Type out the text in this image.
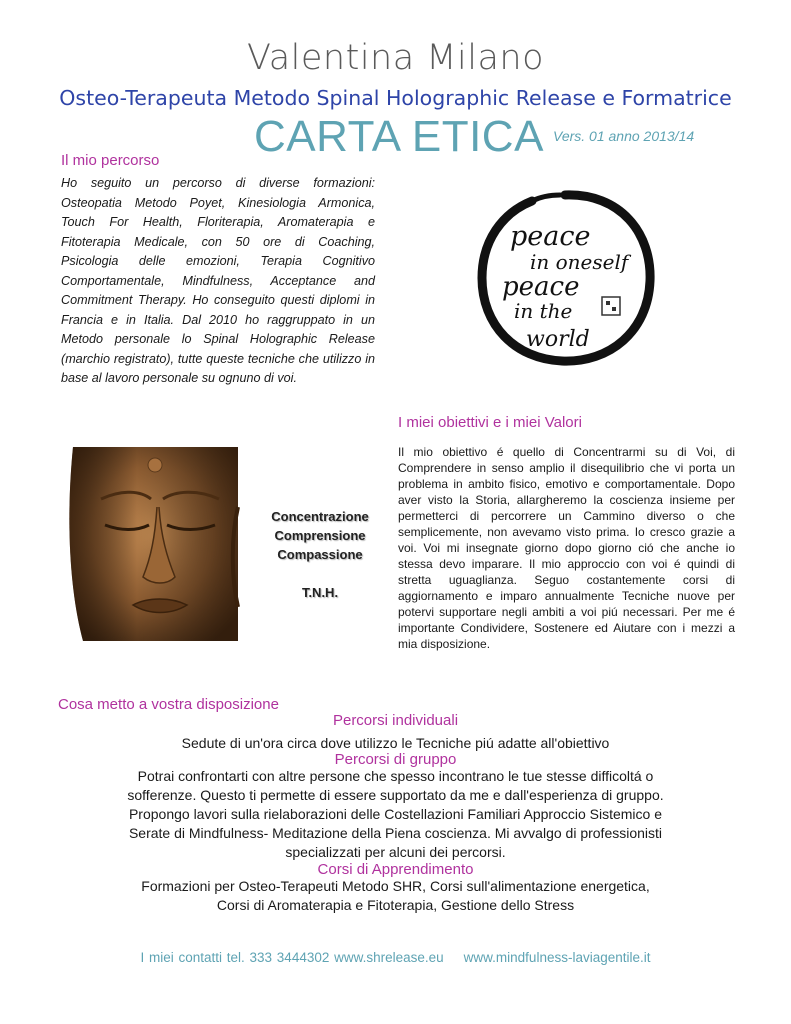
Valentina Milano
Osteo-Terapeuta Metodo Spinal Holographic Release e Formatrice
CARTA ETICA Vers. 01 anno 2013/14
Il mio percorso
Ho seguito un percorso di diverse formazioni: Osteopatia Metodo Poyet, Kinesiologia Armonica, Touch For Health, Floriterapia, Aromaterapia e Fitoterapia Medicale, con 50 ore di Coaching, Psicologia delle emozioni, Terapia Cognitivo Comportamentale, Mindfulness, Acceptance and Commitment Therapy. Ho conseguito questi diplomi in Francia e in Italia. Dal 2010 ho raggruppato in un Metodo personale lo Spinal Holographic Release (marchio registrato), tutte queste tecniche che utilizzo in base al lavoro personale su ognuno di voi.
peace
in oneself
peace
in the
world
I miei obiettivi e i miei Valori
Il mio obiettivo é quello di Concentrarmi su di Voi, di Comprendere in senso amplio il disequilibrio che vi porta un problema in ambito fisico, emotivo e comportamentale. Dopo aver visto la Storia, allargheremo la coscienza insieme per permetterci di percorrere un Cammino diverso o che semplicemente, non avevamo visto prima. Io cresco grazie a voi. Voi mi insegnate giorno dopo giorno ció che anche io stessa devo imparare. Il mio approccio con voi é quindi di stretta uguaglianza. Seguo costantemente corsi di aggiornamento e imparo annualmente Tecniche nuove per potervi supportare negli ambiti a voi piú necessari. Per me é importante Condividere, Sostenere ed Aiutare con i mezzi a mia disposizione.
Concentrazione
Comprensione
Compassione
T.N.H.
Cosa metto a vostra disposizione
Percorsi individuali
Sedute di un'ora circa dove utilizzo le Tecniche piú adatte all'obiettivo
Percorsi di gruppo
Potrai confrontarti con altre persone che spesso incontrano le tue stesse difficoltá o
sofferenze. Questo ti permette di essere supportato da me e dall'esperienza di gruppo.
Propongo lavori sulla rielaborazioni delle Costellazioni Familiari Approccio Sistemico e
Serate di Mindfulness- Meditazione della Piena coscienza. Mi avvalgo di professionisti
specializzati per alcuni dei percorsi.
Corsi di Apprendimento
Formazioni per Osteo-Terapeuti Metodo SHR, Corsi sull'alimentazione energetica,
Corsi di Aromaterapia e Fitoterapia, Gestione dello Stress
I miei contatti tel. 333 3444302 www.shrelease.eu www.mindfulness-laviagentile.it
